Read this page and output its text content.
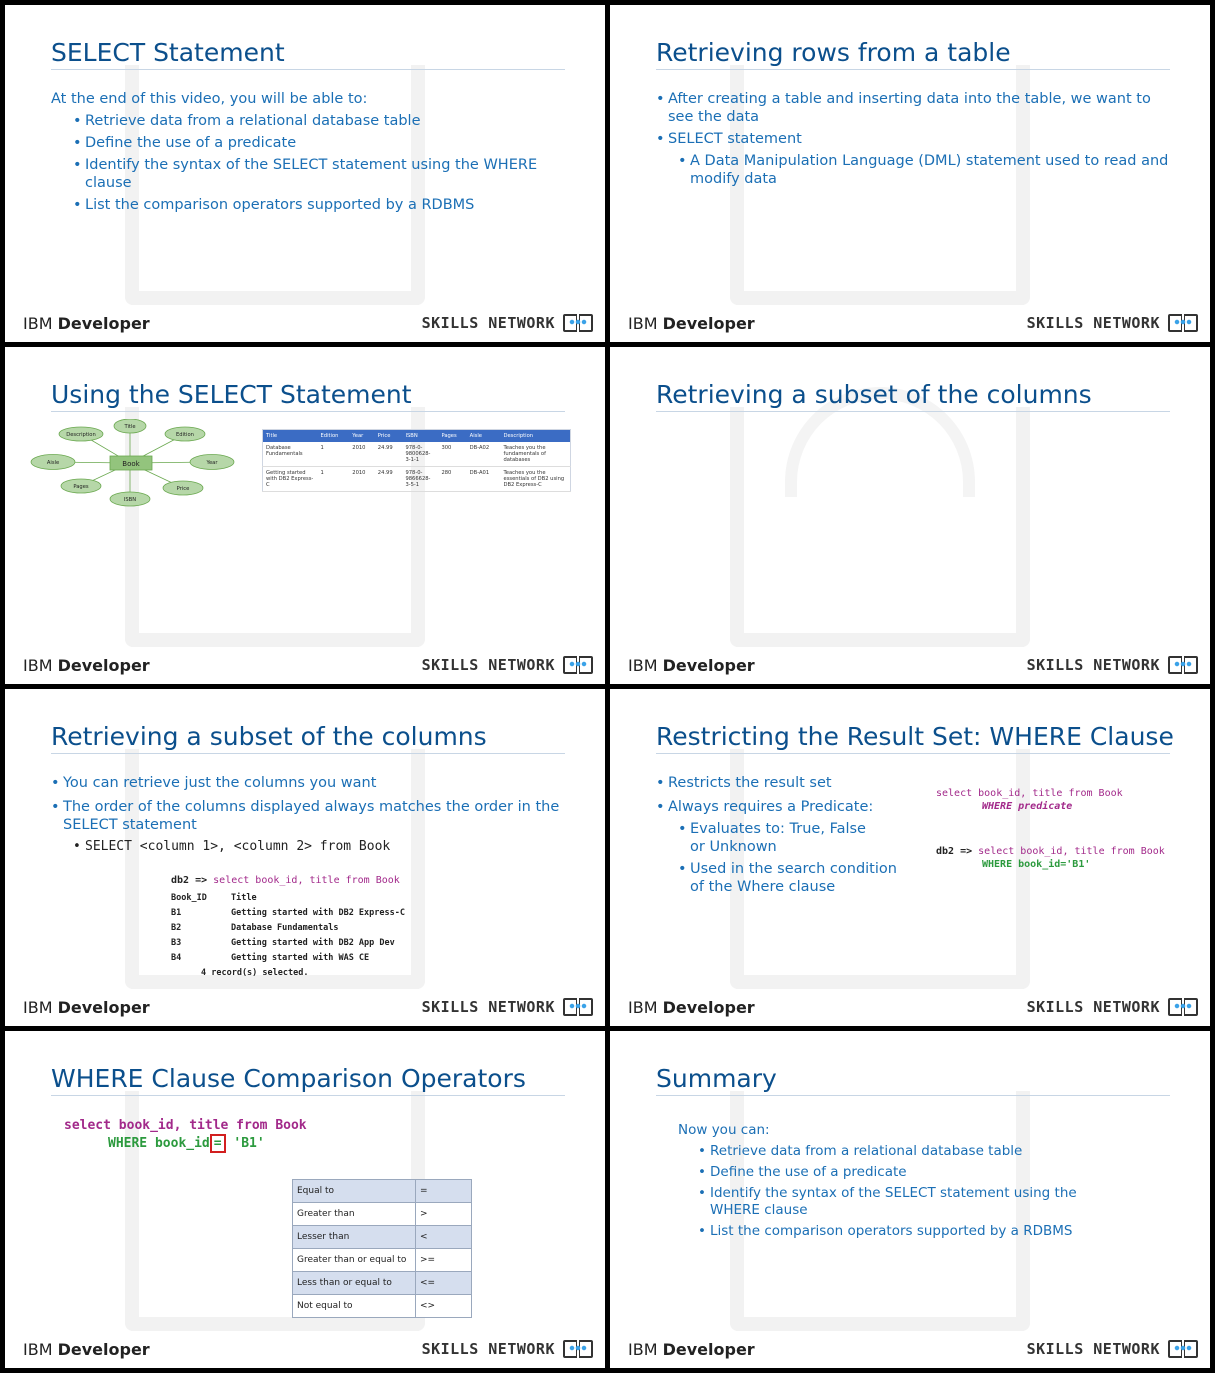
SELECT Statement
At the end of this video, you will be able to:
• Retrieve data from a relational database table
• Define the use of a predicate
• Identify the syntax of the SELECT statement using the WHERE clause
• List the comparison operators supported by a RDBMS
IBM Developer	SKILLS NETWORK
Retrieving rows from a table
• After creating a table and inserting data into the table, we want to see the data
• SELECT statement
• A Data Manipulation Language (DML) statement used to read and modify data
IBM Developer	SKILLS NETWORK
Using the SELECT Statement
Book
Title
Edition
Year
Price
ISBN
Pages
Aisle
Description	Title	Edition	Year	Price	ISBN	Pages	Aisle	Description
Database Fundamentals	1	2010	24.99	978-0-9800628-3-1-1	300	DB-A02	Teaches you the fundamentals of databases
Getting started with DB2 Express-C	1	2010	24.99	978-0-9866628-3-5-1	280	DB-A01	Teaches you the essentials of DB2 using DB2 Express-C
IBM Developer	SKILLS NETWORK
Retrieving a subset of the columns
IBM Developer	SKILLS NETWORK
Retrieving a subset of the columns
• You can retrieve just the columns you want
• The order of the columns displayed always matches the order in the SELECT statement
• SELECT <column 1>, <column 2> from Book
db2 => select book_id, title from Book
Book_ID	Title
B1	Getting started with DB2 Express-C
B2	Database Fundamentals
B3	Getting started with DB2 App Dev
B4	Getting started with WAS CE
4 record(s) selected.
IBM Developer	SKILLS NETWORK
Restricting the Result Set: WHERE Clause
• Restricts the result set
• Always requires a Predicate:
• Evaluates to: True, False or Unknown
• Used in the search condition of the Where clause
select book_id, title from Book
WHERE predicate
db2 => select book_id, title from Book
WHERE book_id='B1'
IBM Developer	SKILLS NETWORK
WHERE Clause Comparison Operators
select book_id, title from Book
WHERE book_id = 'B1'
Equal to	=
Greater than	>
Lesser than	<
Greater than or equal to	>=
Less than or equal to	<=
Not equal to	<>
IBM Developer	SKILLS NETWORK
Summary
Now you can:
• Retrieve data from a relational database table
• Define the use of a predicate
• Identify the syntax of the SELECT statement using the WHERE clause
• List the comparison operators supported by a RDBMS
IBM Developer	SKILLS NETWORK
